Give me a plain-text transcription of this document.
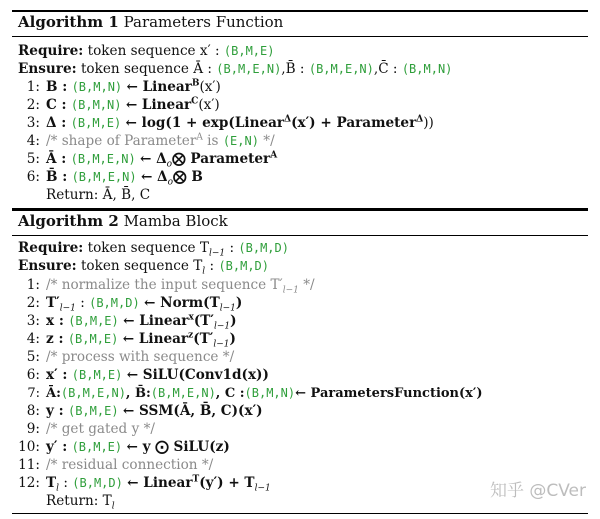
Algorithm 1 Parameters Function
Require: token sequence x′ : (B,M,E)
Ensure: token sequence Ā : (B,M,E,N),B̄ : (B,M,E,N),C̄ : (B,M,N)
1: B : (B,M,N) ← Linear$^B$(x′)
2: C : (B,M,N) ← Linear$^C$(x′)
3: Δ : (B,M,E) ← log(1 + exp(Linear$^\Delta$(x′) + Parameter$^\Delta$))
4: /* shape of Parameter$^A$ is (E,N) */
5: Ā : (B,M,E,N) ← $\Delta_o⨂$ Parameter$^A$
6: B̄ : (B,M,E,N) ← $\Delta_o⨂$ B
Return: Ā, B̄, C
Algorithm 2 Mamba Block
Require: token sequence $T_{l-1}$ : (B,M,D)
Ensure: token sequence $T_l$ : (B,M,D)
1: /* normalize the input sequence $T'_{l-1}$ */
2: $T'_{l-1}$ : (B,M,D) ← $Norm(T_{l-1})$
3: x : (B,M,E) ← $Linear^x(T'_{l-1})$
4: z : (B,M,E) ← $Linear^z(T'_{l-1})$
5: /* process with sequence */
6: x′ : (B,M,E) ← SiLU(Conv1d(x))
7: Ā:(B,M,E,N), B̄:(B,M,E,N), C :(B,M,N)← ParametersFunction(x′)
8: y : (B,M,E) ← SSM(Ā, B̄, C)(x′)
9: /* get gated y */
10: y′ : (B,M,E) ← y ⨀ SiLU(z)
11: /* residual connection */
12: $T_l$ : (B,M,D) ← Linear$^T$(y′) + $T_{l-1}$
Return: $T_l$
知乎 @CVer
